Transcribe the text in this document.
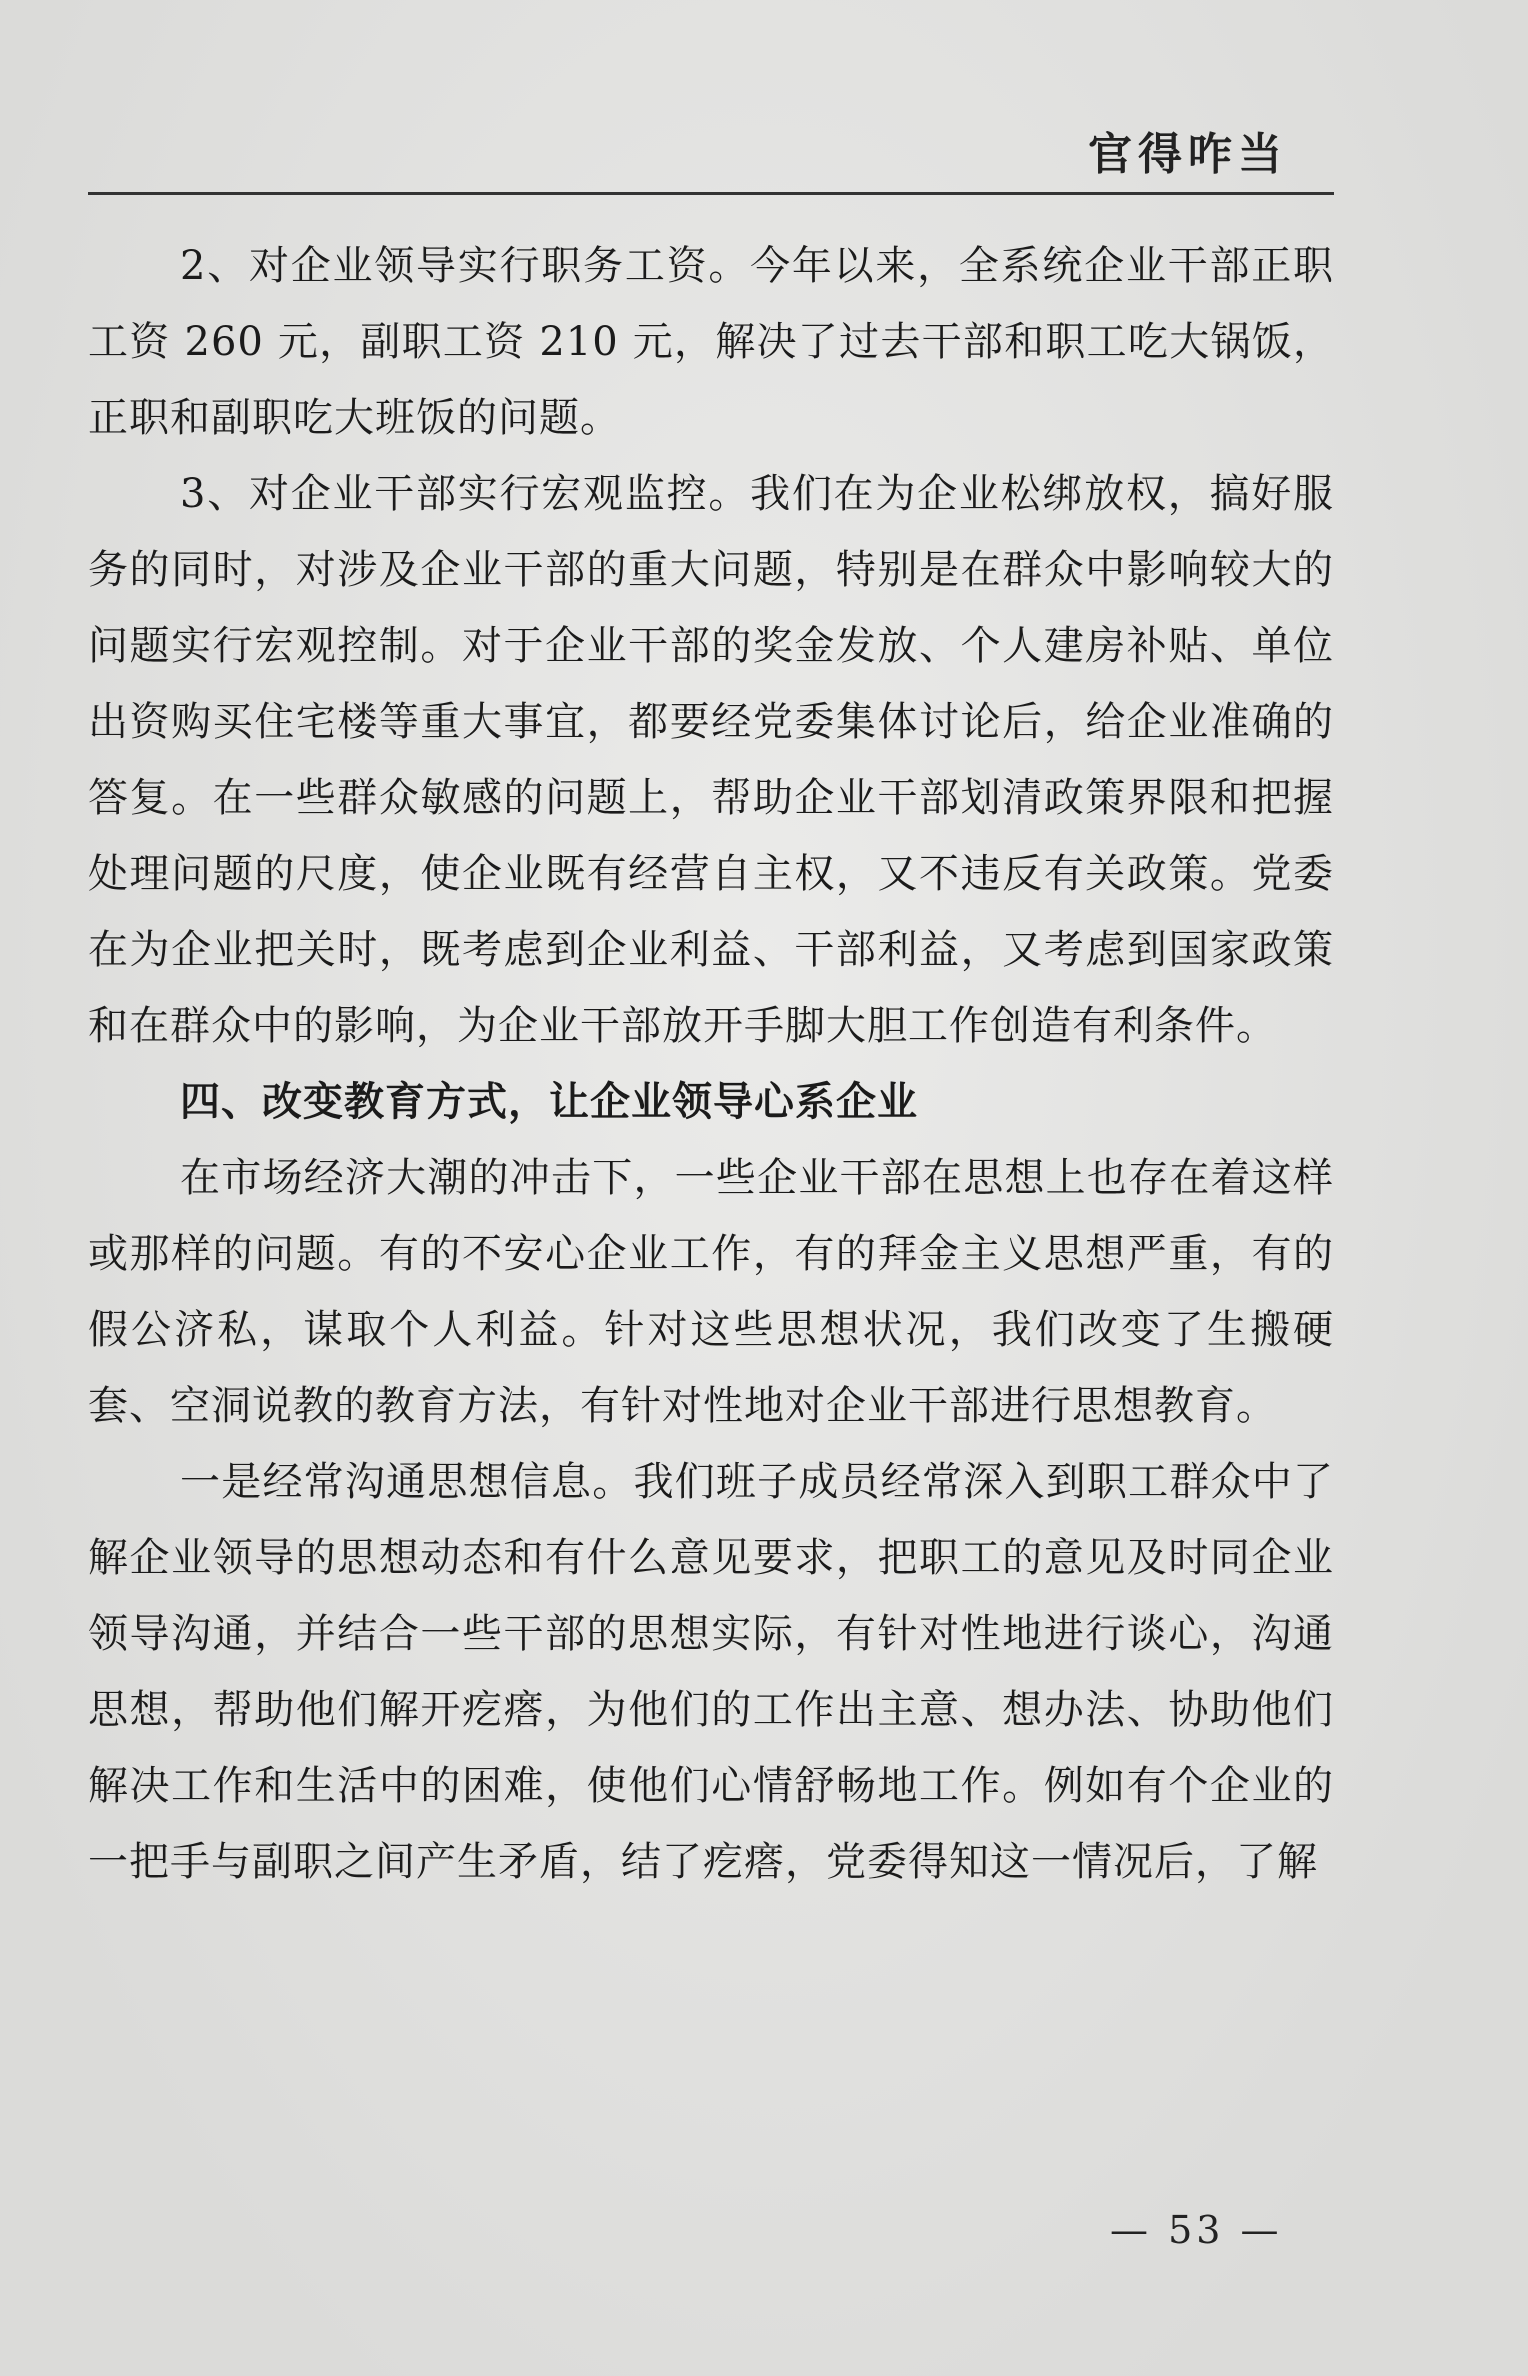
官得咋当

2、对企业领导实行职务工资。今年以来，全系统企业干部正职工资 260 元，副职工资 210 元，解决了过去干部和职工吃大锅饭，正职和副职吃大班饭的问题。

3、对企业干部实行宏观监控。我们在为企业松绑放权，搞好服务的同时，对涉及企业干部的重大问题，特别是在群众中影响较大的问题实行宏观控制。对于企业干部的奖金发放、个人建房补贴、单位出资购买住宅楼等重大事宜，都要经党委集体讨论后，给企业准确的答复。在一些群众敏感的问题上，帮助企业干部划清政策界限和把握处理问题的尺度，使企业既有经营自主权，又不违反有关政策。党委在为企业把关时，既考虑到企业利益、干部利益，又考虑到国家政策和在群众中的影响，为企业干部放开手脚大胆工作创造有利条件。

四、改变教育方式，让企业领导心系企业

在市场经济大潮的冲击下，一些企业干部在思想上也存在着这样或那样的问题。有的不安心企业工作，有的拜金主义思想严重，有的假公济私，谋取个人利益。针对这些思想状况，我们改变了生搬硬套、空洞说教的教育方法，有针对性地对企业干部进行思想教育。

一是经常沟通思想信息。我们班子成员经常深入到职工群众中了解企业领导的思想动态和有什么意见要求，把职工的意见及时同企业领导沟通，并结合一些干部的思想实际，有针对性地进行谈心，沟通思想，帮助他们解开疙瘩，为他们的工作出主意、想办法、协助他们解决工作和生活中的困难，使他们心情舒畅地工作。例如有个企业的一把手与副职之间产生矛盾，结了疙瘩，党委得知这一情况后，了解

— 53 —
